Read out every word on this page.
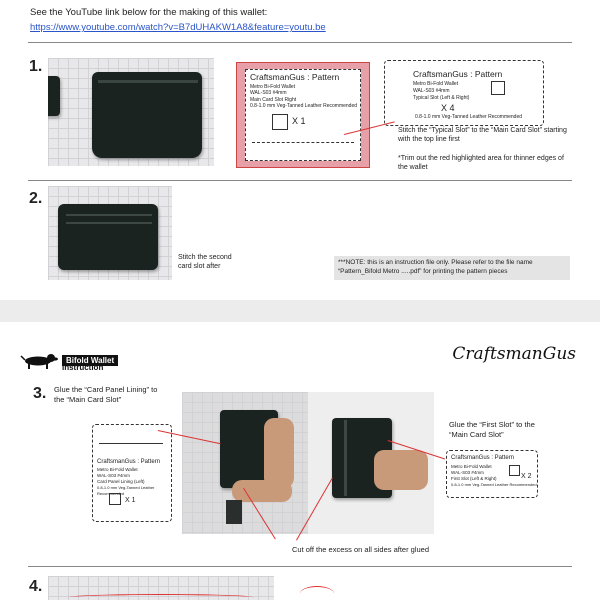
See the YouTube link below for the making of this wallet:
https://www.youtube.com/watch?v=B7dUHAKW1A8&feature=youtu.be
1.
CraftsmanGus : Pattern
Metro Bi-Fold Wallet
WAL-S03 #4mm
Main Card Slot Right
0.8-1.0 mm Veg-Tanned Leather Recommended
X 1
CraftsmanGus : Pattern
Metro Bi-Fold Wallet
WAL-S03 #4mm
Typical Slot (Left & Right)
X 4
0.8-1.0 mm Veg-Tanned Leather Recommended
Stitch the “Typical Slot” to the “Main Card Slot” starting with the top line first
*Trim out the red highlighted area for thinner edges of the wallet
2.
Stitch the second
card slot after
***NOTE: this is an instruction file only. Please refer to the file name
“Pattern_Bifold Metro .....pdf” for printing the pattern pieces
Bifold Wallet
Instruction
CraftsmanGus
3. Glue the “Card Panel Lining” to
the “Main Card Slot”
CraftsmanGus : Pattern
Metro Bi-Fold Wallet
WAL-S03 #4mm
Card Panel Lining (Left)
0.8-1.0 mm Veg-Tanned Leather Recommended
X 1
Glue the “First Slot” to the
“Main Card Slot”
CraftsmanGus : Pattern
Metro Bi-Fold Wallet
WAL-S03 #4mm
First Slot (Left & Right)
0.8-1.0 mm Veg-Tanned Leather Recommended
X 2
Cut off the excess on all sides after glued
4.
